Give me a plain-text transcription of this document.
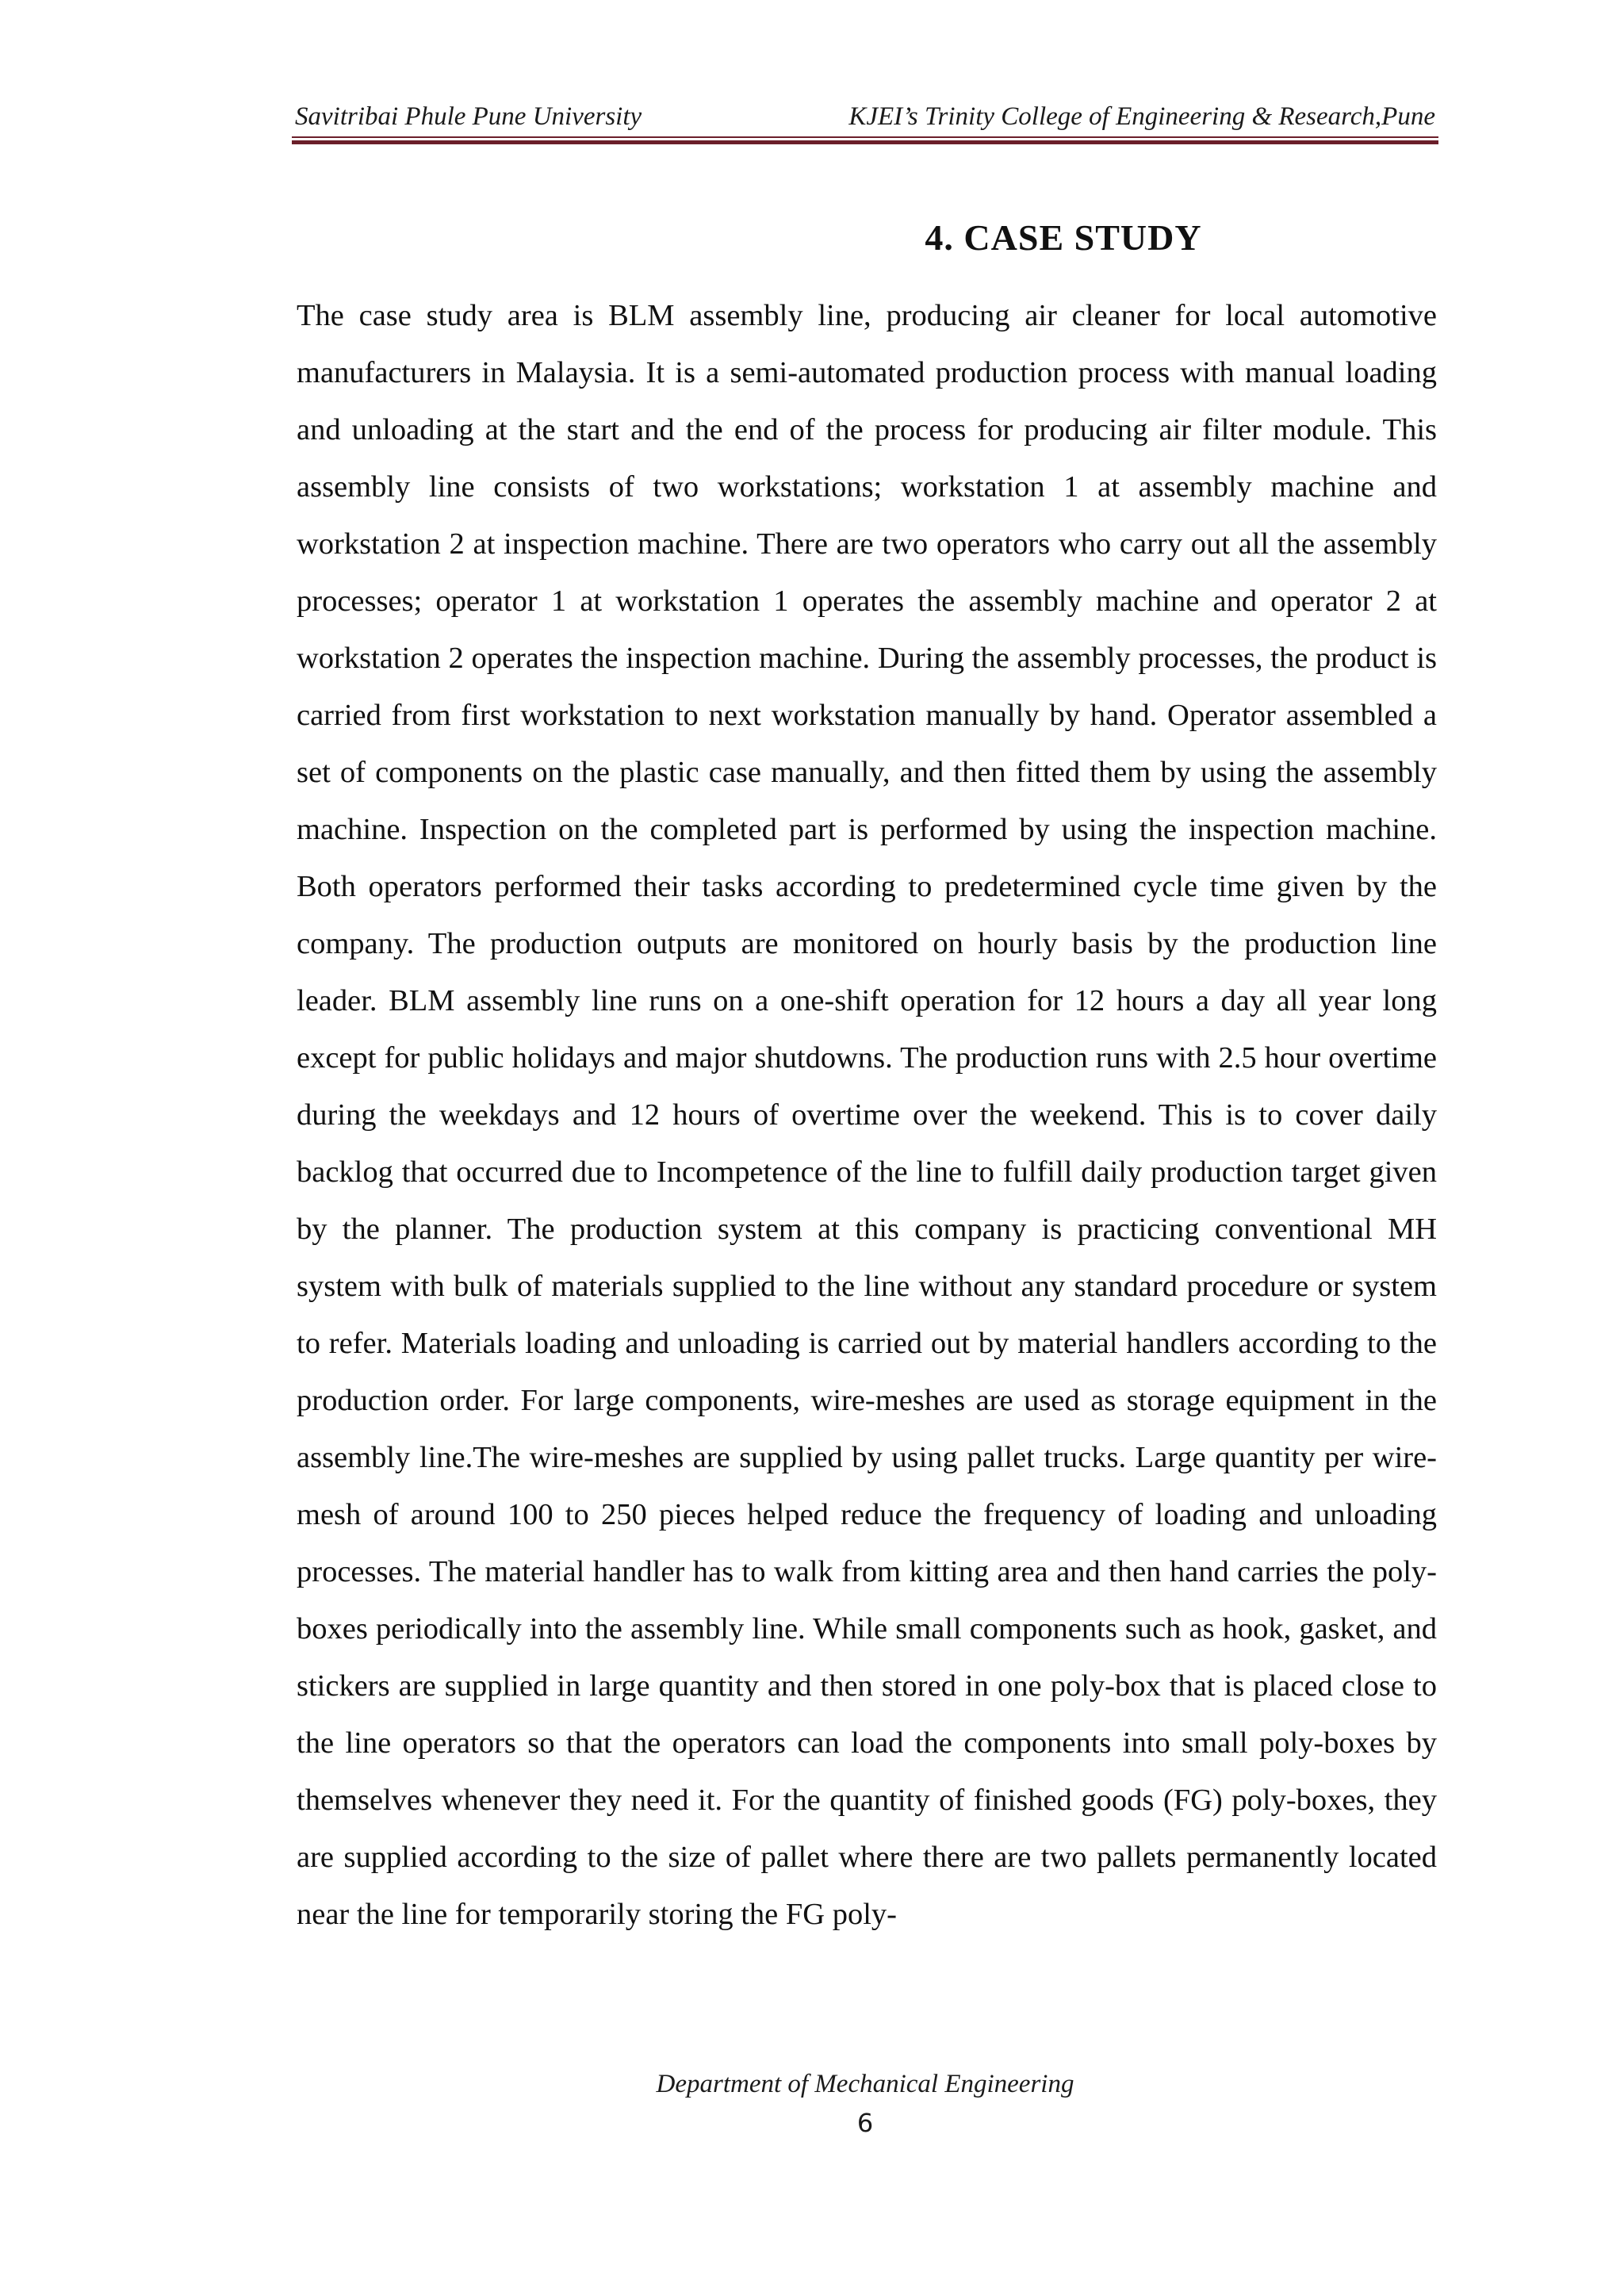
Savitribai Phule Pune University	KJEI’s Trinity College of Engineering & Research,Pune
4. CASE STUDY

The case study area is BLM assembly line, producing air cleaner for local automotive manufacturers in Malaysia. It is a semi-automated production process with manual loading and unloading at the start and the end of the process for producing air filter module. This assembly line consists of two workstations; workstation 1 at assembly machine and workstation 2 at inspection machine. There are two operators who carry out all the assembly processes; operator 1 at workstation 1 operates the assembly machine and operator 2 at workstation 2 operates the inspection machine. During the assembly processes, the product is carried from first workstation to next workstation manually by hand. Operator assembled a set of components on the plastic case manually, and then fitted them by using the assembly machine. Inspection on the completed part is performed by using the inspection machine. Both operators performed their tasks according to predetermined cycle time given by the company. The production outputs are monitored on hourly basis by the production line leader. BLM assembly line runs on a one-shift operation for 12 hours a day all year long except for public holidays and major shutdowns. The production runs with 2.5 hour overtime during the weekdays and 12 hours of overtime over the weekend. This is to cover daily backlog that occurred due to Incompetence of the line to fulfill daily production target given by the planner. The production system at this company is practicing conventional MH system with bulk of materials supplied to the line without any standard procedure or system to refer. Materials loading and unloading is carried out by material handlers according to the production order. For large components, wire-meshes are used as storage equipment in the assembly line.The wire-meshes are supplied by using pallet trucks. Large quantity per wire-mesh of around 100 to 250 pieces helped reduce the frequency of loading and unloading processes. The material handler has to walk from kitting area and then hand carries the poly-boxes periodically into the assembly line. While small components such as hook, gasket, and stickers are supplied in large quantity and then stored in one poly-box that is placed close to the line operators so that the operators can load the components into small poly-boxes by themselves whenever they need it. For the quantity of finished goods (FG) poly-boxes, they are supplied according to the size of pallet where there are two pallets permanently located near the line for temporarily storing the FG poly-

Department of Mechanical Engineering
6
